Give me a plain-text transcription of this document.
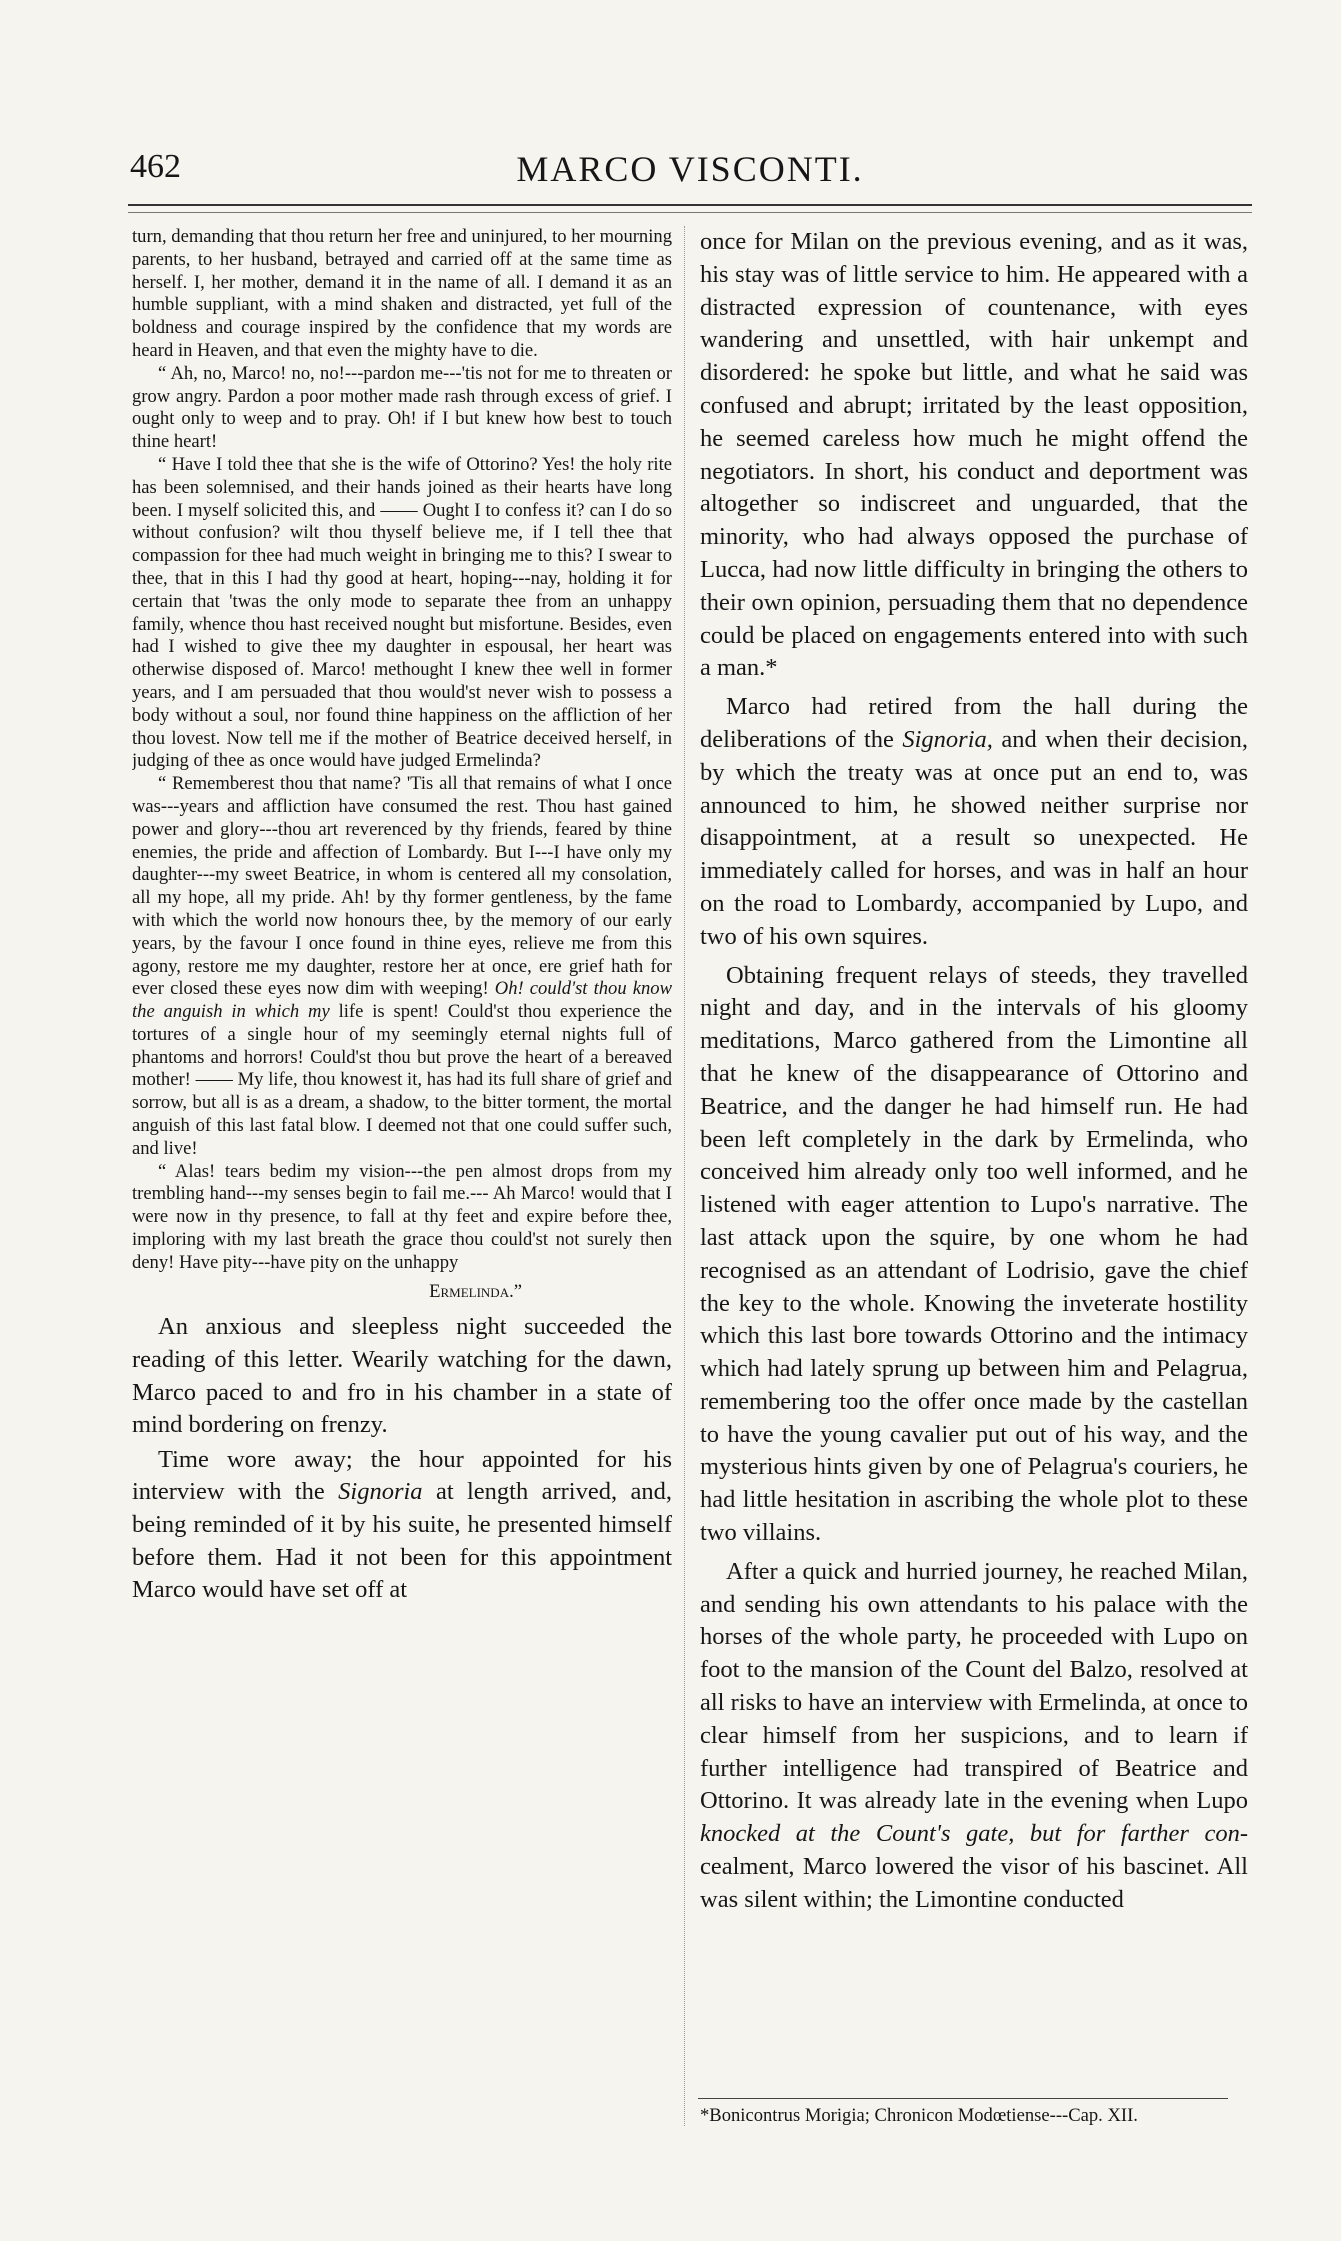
462	MARCO VISCONTI.

turn, demanding that thou return her free and uninjured, to her mourning parents, to her husband, betrayed and carried off at the same time as herself. I, her mother, demand it in the name of all. I demand it as an humble suppliant, with a mind shaken and distracted, yet full of the boldness and courage inspired by the confidence that my words are heard in Heaven, and that even the mighty have to die.

“ Ah, no, Marco! no, no!---pardon me---'tis not for me to threaten or grow angry. Pardon a poor mother made rash through excess of grief. I ought only to weep and to pray. Oh! if I but knew how best to touch thine heart!

“ Have I told thee that she is the wife of Ottorino? Yes! the holy rite has been solemnised, and their hands joined as their hearts have long been. I myself solicited this, and —— Ought I to confess it? can I do so without confusion? wilt thou thyself believe me, if I tell thee that compassion for thee had much weight in bringing me to this? I swear to thee, that in this I had thy good at heart, hoping---nay, holding it for certain that 'twas the only mode to separate thee from an unhappy family, whence thou hast received nought but misfortune. Besides, even had I wished to give thee my daughter in espousal, her heart was otherwise disposed of. Marco! methought I knew thee well in former years, and I am persuaded that thou would'st never wish to possess a body without a soul, nor found thine happiness on the affliction of her thou lovest. Now tell me if the mother of Beatrice deceived herself, in judging of thee as once would have judged Ermelinda?

“ Rememberest thou that name? 'Tis all that remains of what I once was---years and affliction have consumed the rest. Thou hast gained power and glory---thou art reverenced by thy friends, feared by thine enemies, the pride and affection of Lombardy. But I---I have only my daughter---my sweet Beatrice, in whom is centered all my consolation, all my hope, all my pride. Ah! by thy former gentleness, by the fame with which the world now honours thee, by the memory of our early years, by the favour I once found in thine eyes, relieve me from this agony, restore me my daughter, restore her at once, ere grief hath for ever closed these eyes now dim with weeping! Oh! could'st thou know the anguish in which my life is spent! Could'st thou experience the tortures of a single hour of my seemingly eternal nights full of phantoms and horrors! Could'st thou but prove the heart of a bereaved mother! —— My life, thou knowest it, has had its full share of grief and sorrow, but all is as a dream, a shadow, to the bitter torment, the mortal anguish of this last fatal blow. I deemed not that one could suffer such, and live!

“ Alas! tears bedim my vision---the pen almost drops from my trembling hand---my senses begin to fail me.--- Ah Marco! would that I were now in thy presence, to fall at thy feet and expire before thee, imploring with my last breath the grace thou could'st not surely then deny! Have pity---have pity on the unhappy

Ermelinda.”

An anxious and sleepless night succeeded the reading of this letter. Wearily watching for the dawn, Marco paced to and fro in his chamber in a state of mind bordering on frenzy.

Time wore away; the hour appointed for his interview with the Signoria at length arrived, and, being reminded of it by his suite, he presented himself before them. Had it not been for this appointment Marco would have set off at

once for Milan on the previous evening, and as it was, his stay was of little service to him. He appeared with a distracted expression of countenance, with eyes wandering and unsettled, with hair unkempt and disordered: he spoke but little, and what he said was confused and abrupt; irritated by the least opposition, he seemed careless how much he might offend the negotiators. In short, his conduct and deportment was altogether so indiscreet and unguarded, that the minority, who had always opposed the purchase of Lucca, had now little difficulty in bringing the others to their own opinion, persuading them that no dependence could be placed on engagements entered into with such a man.*

Marco had retired from the hall during the deliberations of the Signoria, and when their decision, by which the treaty was at once put an end to, was announced to him, he showed neither surprise nor disappointment, at a result so unexpected. He immediately called for horses, and was in half an hour on the road to Lombardy, accompanied by Lupo, and two of his own squires.

Obtaining frequent relays of steeds, they travelled night and day, and in the intervals of his gloomy meditations, Marco gathered from the Limontine all that he knew of the disappearance of Ottorino and Beatrice, and the danger he had himself run. He had been left completely in the dark by Ermelinda, who conceived him already only too well informed, and he listened with eager attention to Lupo's narrative. The last attack upon the squire, by one whom he had recognised as an attendant of Lodrisio, gave the chief the key to the whole. Knowing the inveterate hostility which this last bore towards Ottorino and the intimacy which had lately sprung up between him and Pelagrua, remembering too the offer once made by the castellan to have the young cavalier put out of his way, and the mysterious hints given by one of Pelagrua's couriers, he had little hesitation in ascribing the whole plot to these two villains.

After a quick and hurried journey, he reached Milan, and sending his own attendants to his palace with the horses of the whole party, he proceeded with Lupo on foot to the mansion of the Count del Balzo, resolved at all risks to have an interview with Ermelinda, at once to clear himself from her suspicions, and to learn if further intelligence had transpired of Beatrice and Ottorino. It was already late in the evening when Lupo knocked at the Count's gate, but for farther con-cealment, Marco lowered the visor of his bascinet. All was silent within; the Limontine conducted

*Bonicontrus Morigia; Chronicon Modœtiense---Cap. XII.
